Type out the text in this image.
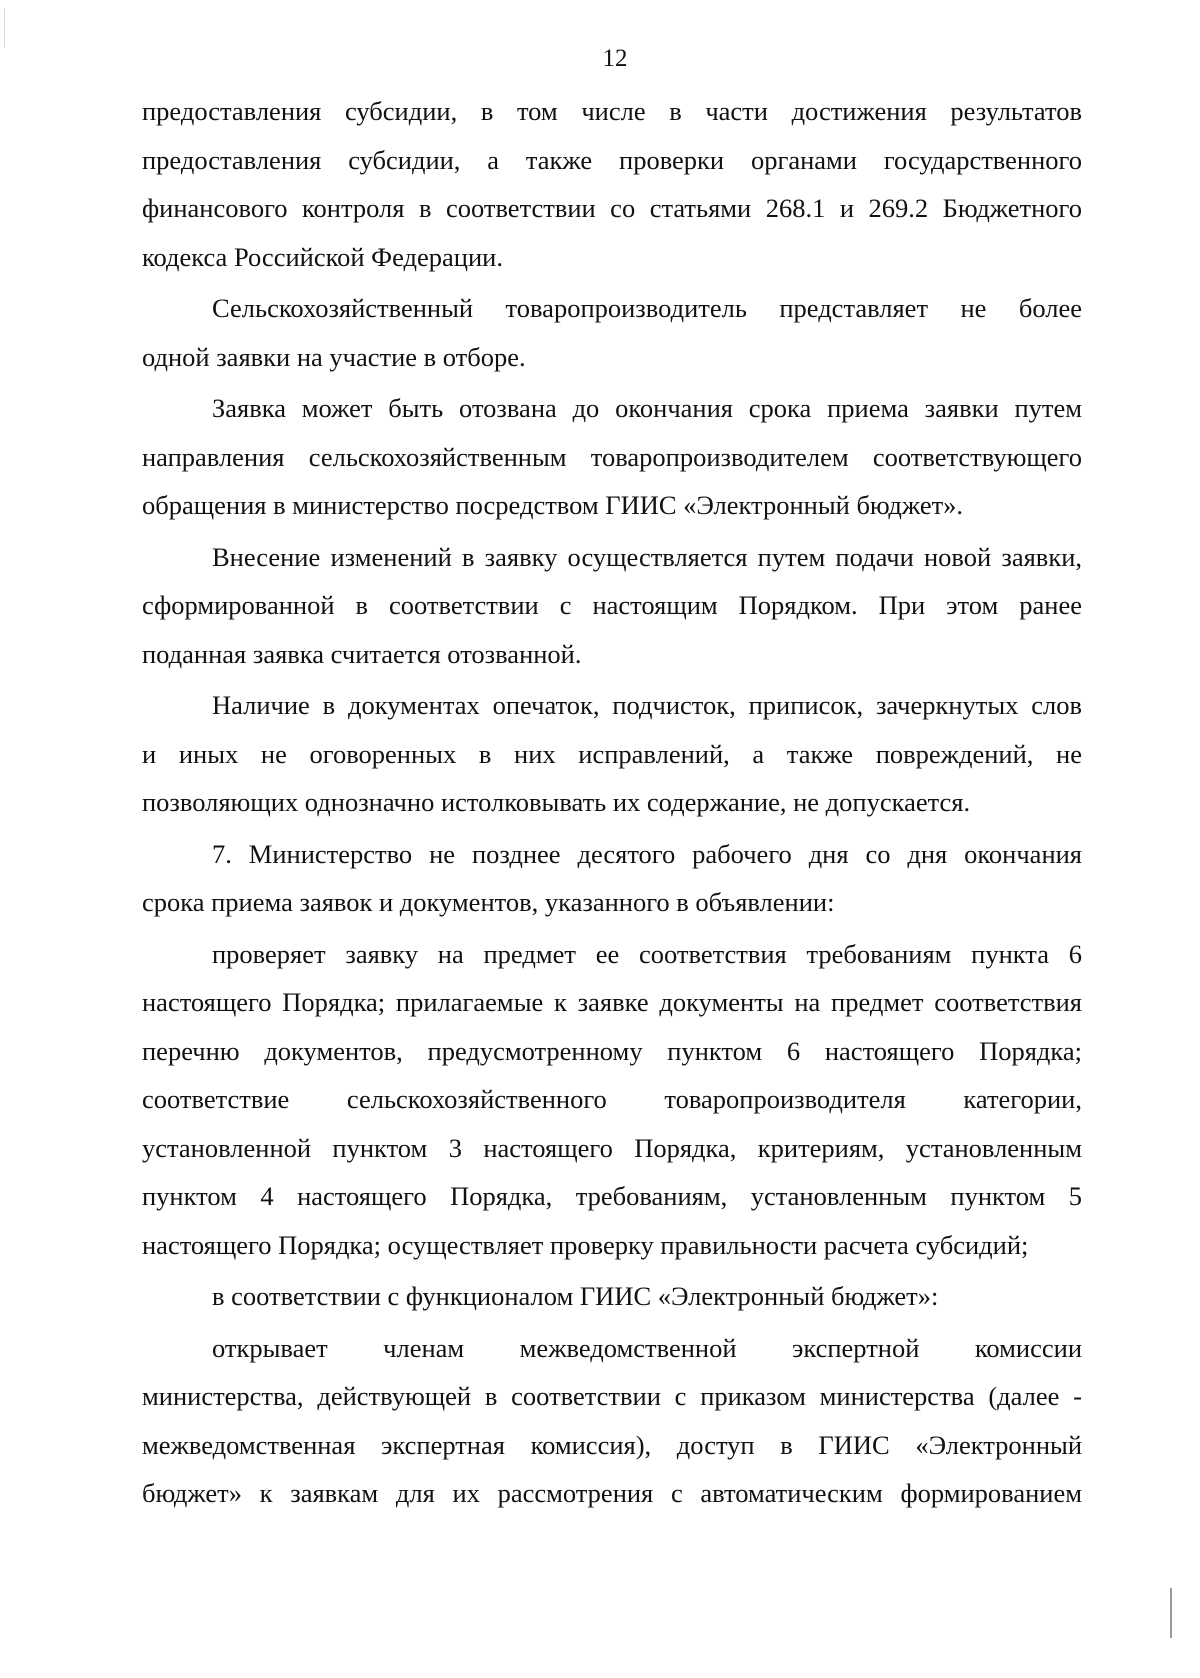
12
предоставления субсидии, в том числе в части достижения результатов
предоставления субсидии, а также проверки органами государственного
финансового контроля в соответствии со статьями 268.1 и 269.2 Бюджетного
кодекса Российской Федерации.
Сельскохозяйственный товаропроизводитель представляет не более
одной заявки на участие в отборе.
Заявка может быть отозвана до окончания срока приема заявки путем
направления сельскохозяйственным товаропроизводителем соответствующего
обращения в министерство посредством ГИИС «Электронный бюджет».
Внесение изменений в заявку осуществляется путем подачи новой заявки,
сформированной в соответствии с настоящим Порядком. При этом ранее
поданная заявка считается отозванной.
Наличие в документах опечаток, подчисток, приписок, зачеркнутых слов
и иных не оговоренных в них исправлений, а также повреждений, не
позволяющих однозначно истолковывать их содержание, не допускается.
7. Министерство не позднее десятого рабочего дня со дня окончания
срока приема заявок и документов, указанного в объявлении:
проверяет заявку на предмет ее соответствия требованиям пункта 6
настоящего Порядка; прилагаемые к заявке документы на предмет соответствия
перечню документов, предусмотренному пунктом 6 настоящего Порядка;
соответствие сельскохозяйственного товаропроизводителя категории,
установленной пунктом 3 настоящего Порядка, критериям, установленным
пунктом 4 настоящего Порядка, требованиям, установленным пунктом 5
настоящего Порядка; осуществляет проверку правильности расчета субсидий;
в соответствии с функционалом ГИИС «Электронный бюджет»:
открывает членам межведомственной экспертной комиссии
министерства, действующей в соответствии с приказом министерства (далее -
межведомственная экспертная комиссия), доступ в ГИИС «Электронный
бюджет» к заявкам для их рассмотрения с автоматическим формированием
